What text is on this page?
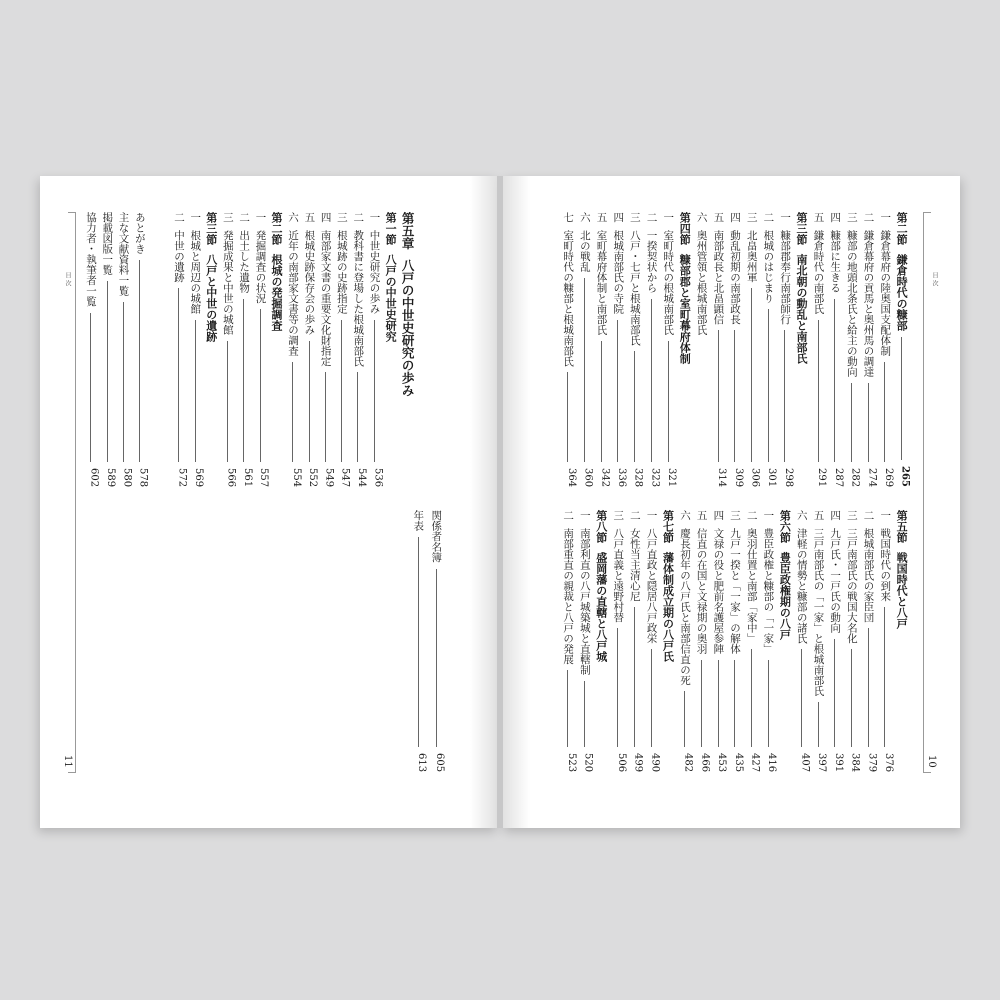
目次
10
目次
11
第二節
鎌倉時代の糠部
265
一
鎌倉幕府の陸奥国支配体制
269
二
鎌倉幕府の貢馬と奥州馬の調達
274
三
糠部の地頭北条氏と給主の動向
282
四
糠部に生きる
287
五
鎌倉時代の南部氏
291
第三節
南北朝の動乱と南部氏
一
糠部郡奉行南部師行
298
二
根城のはじまり
301
三
北畠奥州軍
306
四
動乱初期の南部政長
309
五
南部政長と北畠顕信
314
六
奥州管領と根城南部氏
第四節
糠部郡と室町幕府体制
一
室町時代の根城南部氏
321
二
一揆契状から
323
三
八戸・七戸と根城南部氏
328
四
根城南部氏の寺院
336
五
室町幕府体制と南部氏
342
六
北の戦乱
360
七
室町時代の糠部と根城南部氏
364
第五節
戦国時代と八戸
一
戦国時代の到来
376
二
根城南部氏の家臣団
379
三
三戸南部氏の戦国大名化
384
四
九戸氏・一戸氏の動向
391
五
三戸南部氏の「一家」と根城南部氏
397
六
津軽の情勢と糠部の諸氏
407
第六節
豊臣政権期の八戸
一
豊臣政権と糠部の「一家」
416
二
奥羽仕置と南部「家中」
427
三
九戸一揆と「一家」の解体
435
四
文禄の役と肥前名護屋参陣
453
五
信直の在国と文禄期の奥羽
466
六
慶長初年の八戸氏と南部信直の死
482
第七節
藩体制成立期の八戸氏
一
八戸直政と隠居八戸政栄
490
二
女性当主清心尼
499
三
八戸直義と遠野村替
506
第八節
盛岡藩の直轄と八戸城
一
南部利直の八戸城築城と直轄制
520
二
南部重直の親裁と八戸の発展
523
第五章
八戸の中世史研究の歩み
第一節
八戸の中世史研究
一
中世史研究の歩み
536
二
教科書に登場した根城南部氏
544
三
根城跡の史跡指定
547
四
南部家文書の重要文化財指定
549
五
根城史跡保存会の歩み
552
六
近年の南部家文書等の調査
554
第二節
根城の発掘調査
一
発掘調査の状況
557
二
出土した遺物
561
三
発掘成果と中世の城館
566
第三節
八戸と中世の遺跡
一
根城と周辺の城館
569
二
中世の遺跡
572
あとがき
578
主な文献資料一覧
580
掲載図版一覧
589
協力者・執筆者一覧
602
関係者名簿
605
年表
613
